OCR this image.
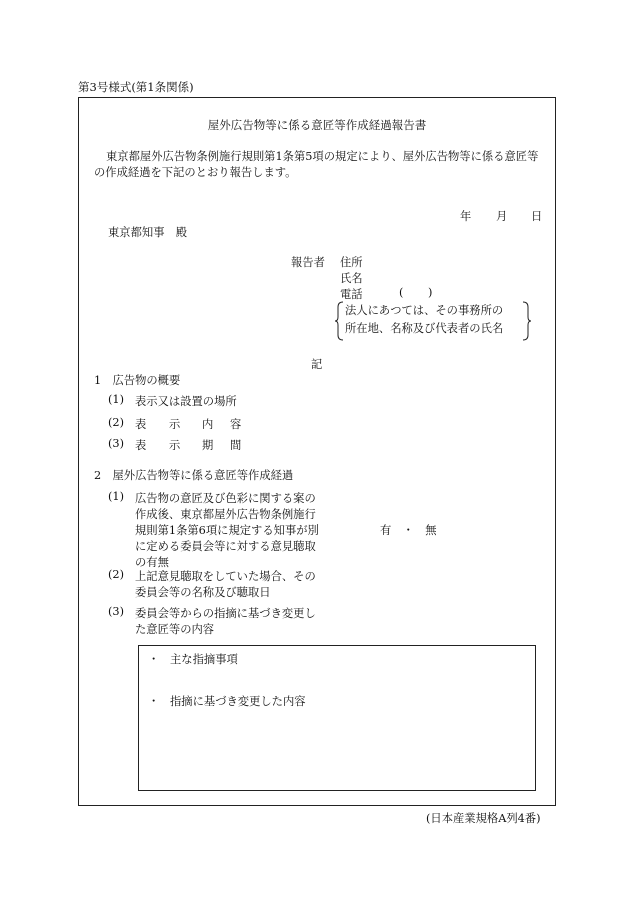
第3号様式(第1条関係)
屋外広告物等に係る意匠等作成経過報告書
東京都屋外広告物条例施行規則第1条第5項の規定により、屋外広告物等に係る意匠等
の作成経過を下記のとおり報告します。
年 月 日
東京都知事　殿
報告者 住所
氏名
電話	( )
法人にあつては、その事務所の
所在地、名称及び代表者の氏名
記
1　広告物の概要
(1) 表示又は設置の場所
(2) 表 示 内 容
(3) 表 示 期 間
2　屋外広告物等に係る意匠等作成経過
(1) 広告物の意匠及び色彩に関する案の
作成後、東京都屋外広告物条例施行
規則第1条第6項に規定する知事が別
に定める委員会等に対する意見聴取
の有無
有　・　無
(2) 上記意見聴取をしていた場合、その
委員会等の名称及び聴取日
(3) 委員会等からの指摘に基づき変更し
た意匠等の内容
・ 主な指摘事項
・ 指摘に基づき変更した内容
(日本産業規格A列4番)
